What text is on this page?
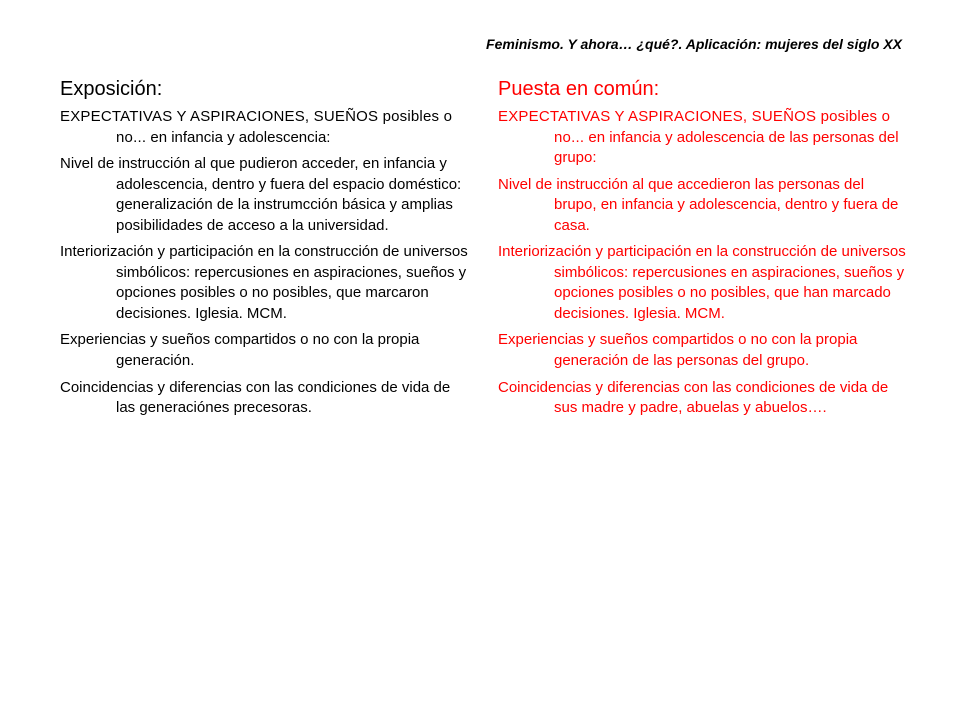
Feminismo. Y ahora… ¿qué?. Aplicación: mujeres del siglo XX
Exposición:

EXPECTATIVAS Y ASPIRACIONES, SUEÑOS posibles o no... en infancia y adolescencia:

Nivel de instrucción al que pudieron acceder, en infancia y adolescencia, dentro y fuera del espacio doméstico: generalización de la instrumcción básica y amplias posibilidades de acceso a la universidad.

Interiorización y participación en la construcción de universos simbólicos: repercusiones en aspiraciones, sueños y opciones posibles o no posibles, que marcaron decisiones. Iglesia. MCM.

Experiencias y sueños compartidos o no con la propia generación.

Coincidencias y diferencias con las condiciones de vida de las generaciónes precesoras.

Puesta en común:

EXPECTATIVAS Y ASPIRACIONES, SUEÑOS posibles o no... en infancia y adolescencia de las personas del grupo:

Nivel de instrucción al que accedieron las personas del brupo, en infancia y adolescencia, dentro y fuera de casa.

Interiorización y participación en la construcción de universos simbólicos: repercusiones en aspiraciones, sueños y opciones posibles o no posibles, que han marcado decisiones. Iglesia. MCM.

Experiencias y sueños compartidos o no con la propia generación de las personas del grupo.

Coincidencias y diferencias con las condiciones de vida de sus madre y padre, abuelas y abuelos….
